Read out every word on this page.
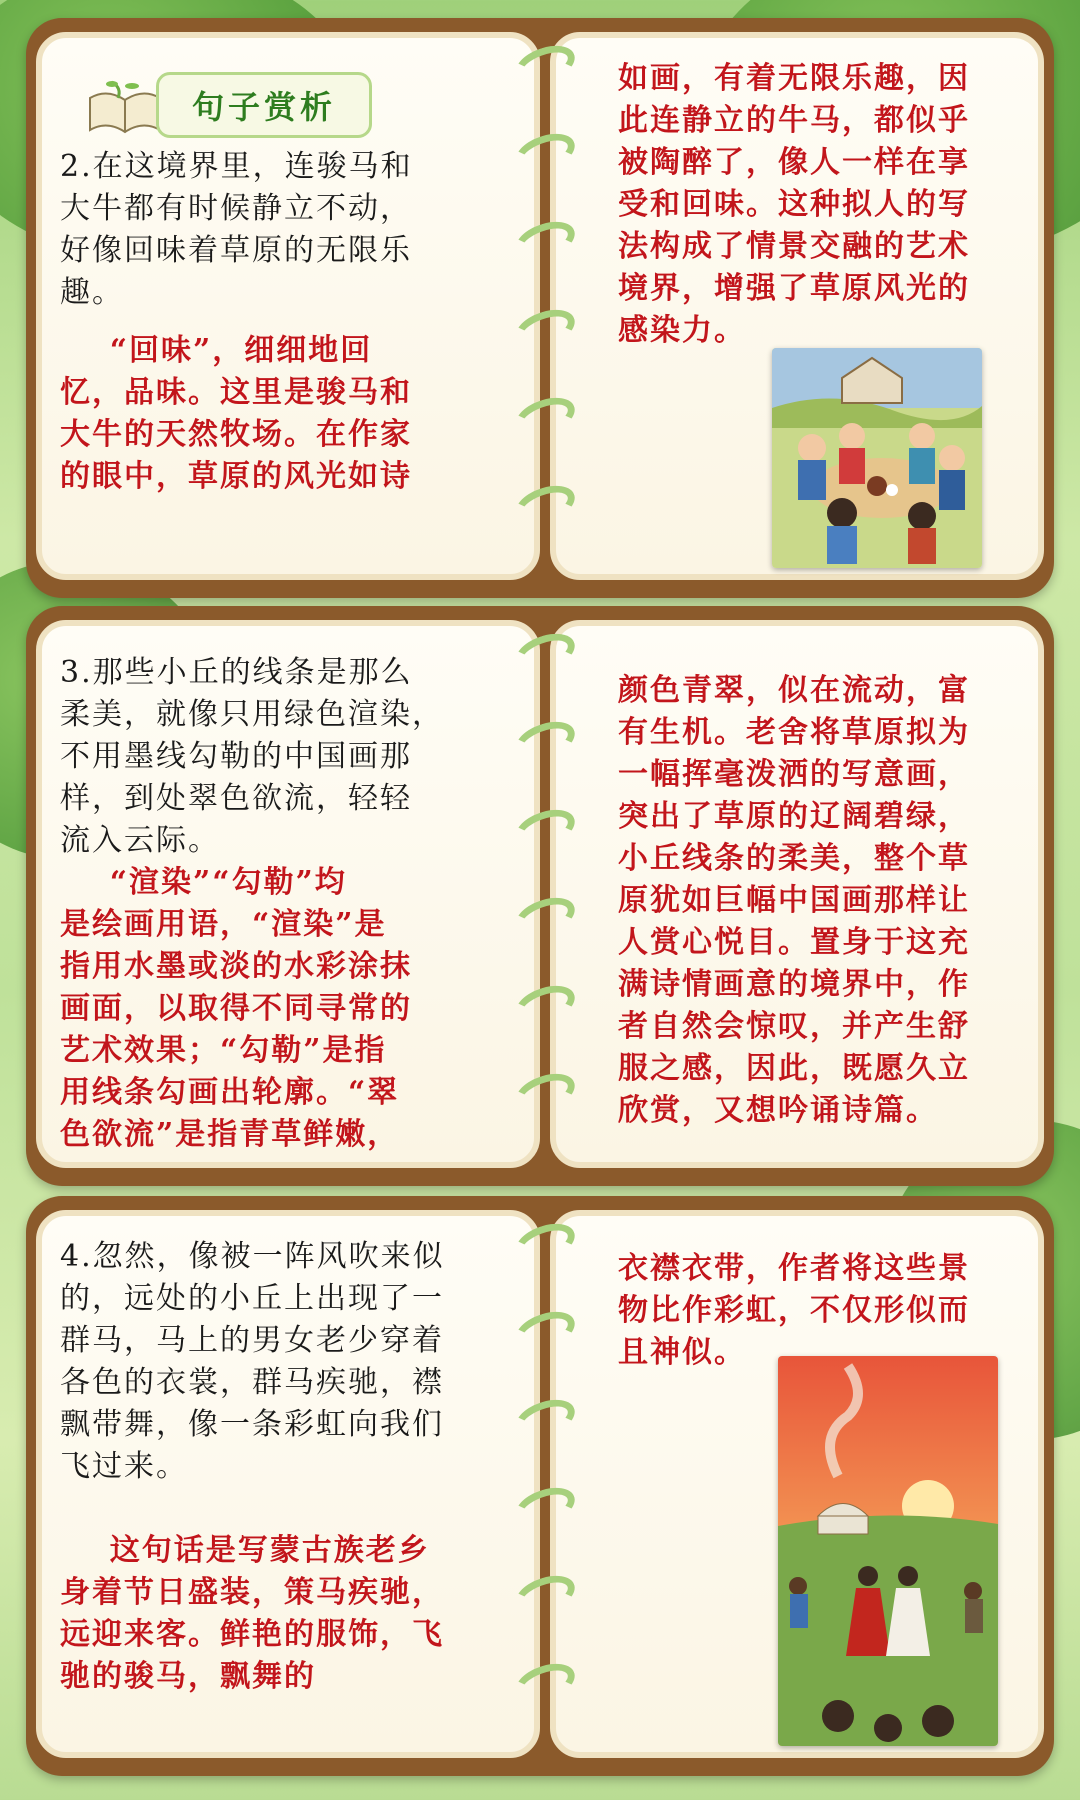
句子赏析
2.在这境界里，连骏马和
大牛都有时候静立不动，
好像回味着草原的无限乐
趣。
“回味”，细细地回
忆，品味。这里是骏马和
大牛的天然牧场。在作家
的眼中，草原的风光如诗
如画，有着无限乐趣，因
此连静立的牛马，都似乎
被陶醉了，像人一样在享
受和回味。这种拟人的写
法构成了情景交融的艺术
境界，增强了草原风光的
感染力。
3.那些小丘的线条是那么
柔美，就像只用绿色渲染，
不用墨线勾勒的中国画那
样，到处翠色欲流，轻轻
流入云际。
“渲染”“勾勒”均
是绘画用语，“渲染”是
指用水墨或淡的水彩涂抹
画面，以取得不同寻常的
艺术效果；“勾勒”是指
用线条勾画出轮廓。“翠
色欲流”是指青草鲜嫩，
颜色青翠，似在流动，富
有生机。老舍将草原拟为
一幅挥毫泼洒的写意画，
突出了草原的辽阔碧绿，
小丘线条的柔美，整个草
原犹如巨幅中国画那样让
人赏心悦目。置身于这充
满诗情画意的境界中，作
者自然会惊叹，并产生舒
服之感，因此，既愿久立
欣赏，又想吟诵诗篇。
4.忽然，像被一阵风吹来似
的，远处的小丘上出现了一
群马，马上的男女老少穿着
各色的衣裳，群马疾驰，襟
飘带舞，像一条彩虹向我们
飞过来。
这句话是写蒙古族老乡
身着节日盛装，策马疾驰，
远迎来客。鲜艳的服饰，飞
驰的骏马，飘舞的
衣襟衣带，作者将这些景
物比作彩虹，不仅形似而
且神似。
